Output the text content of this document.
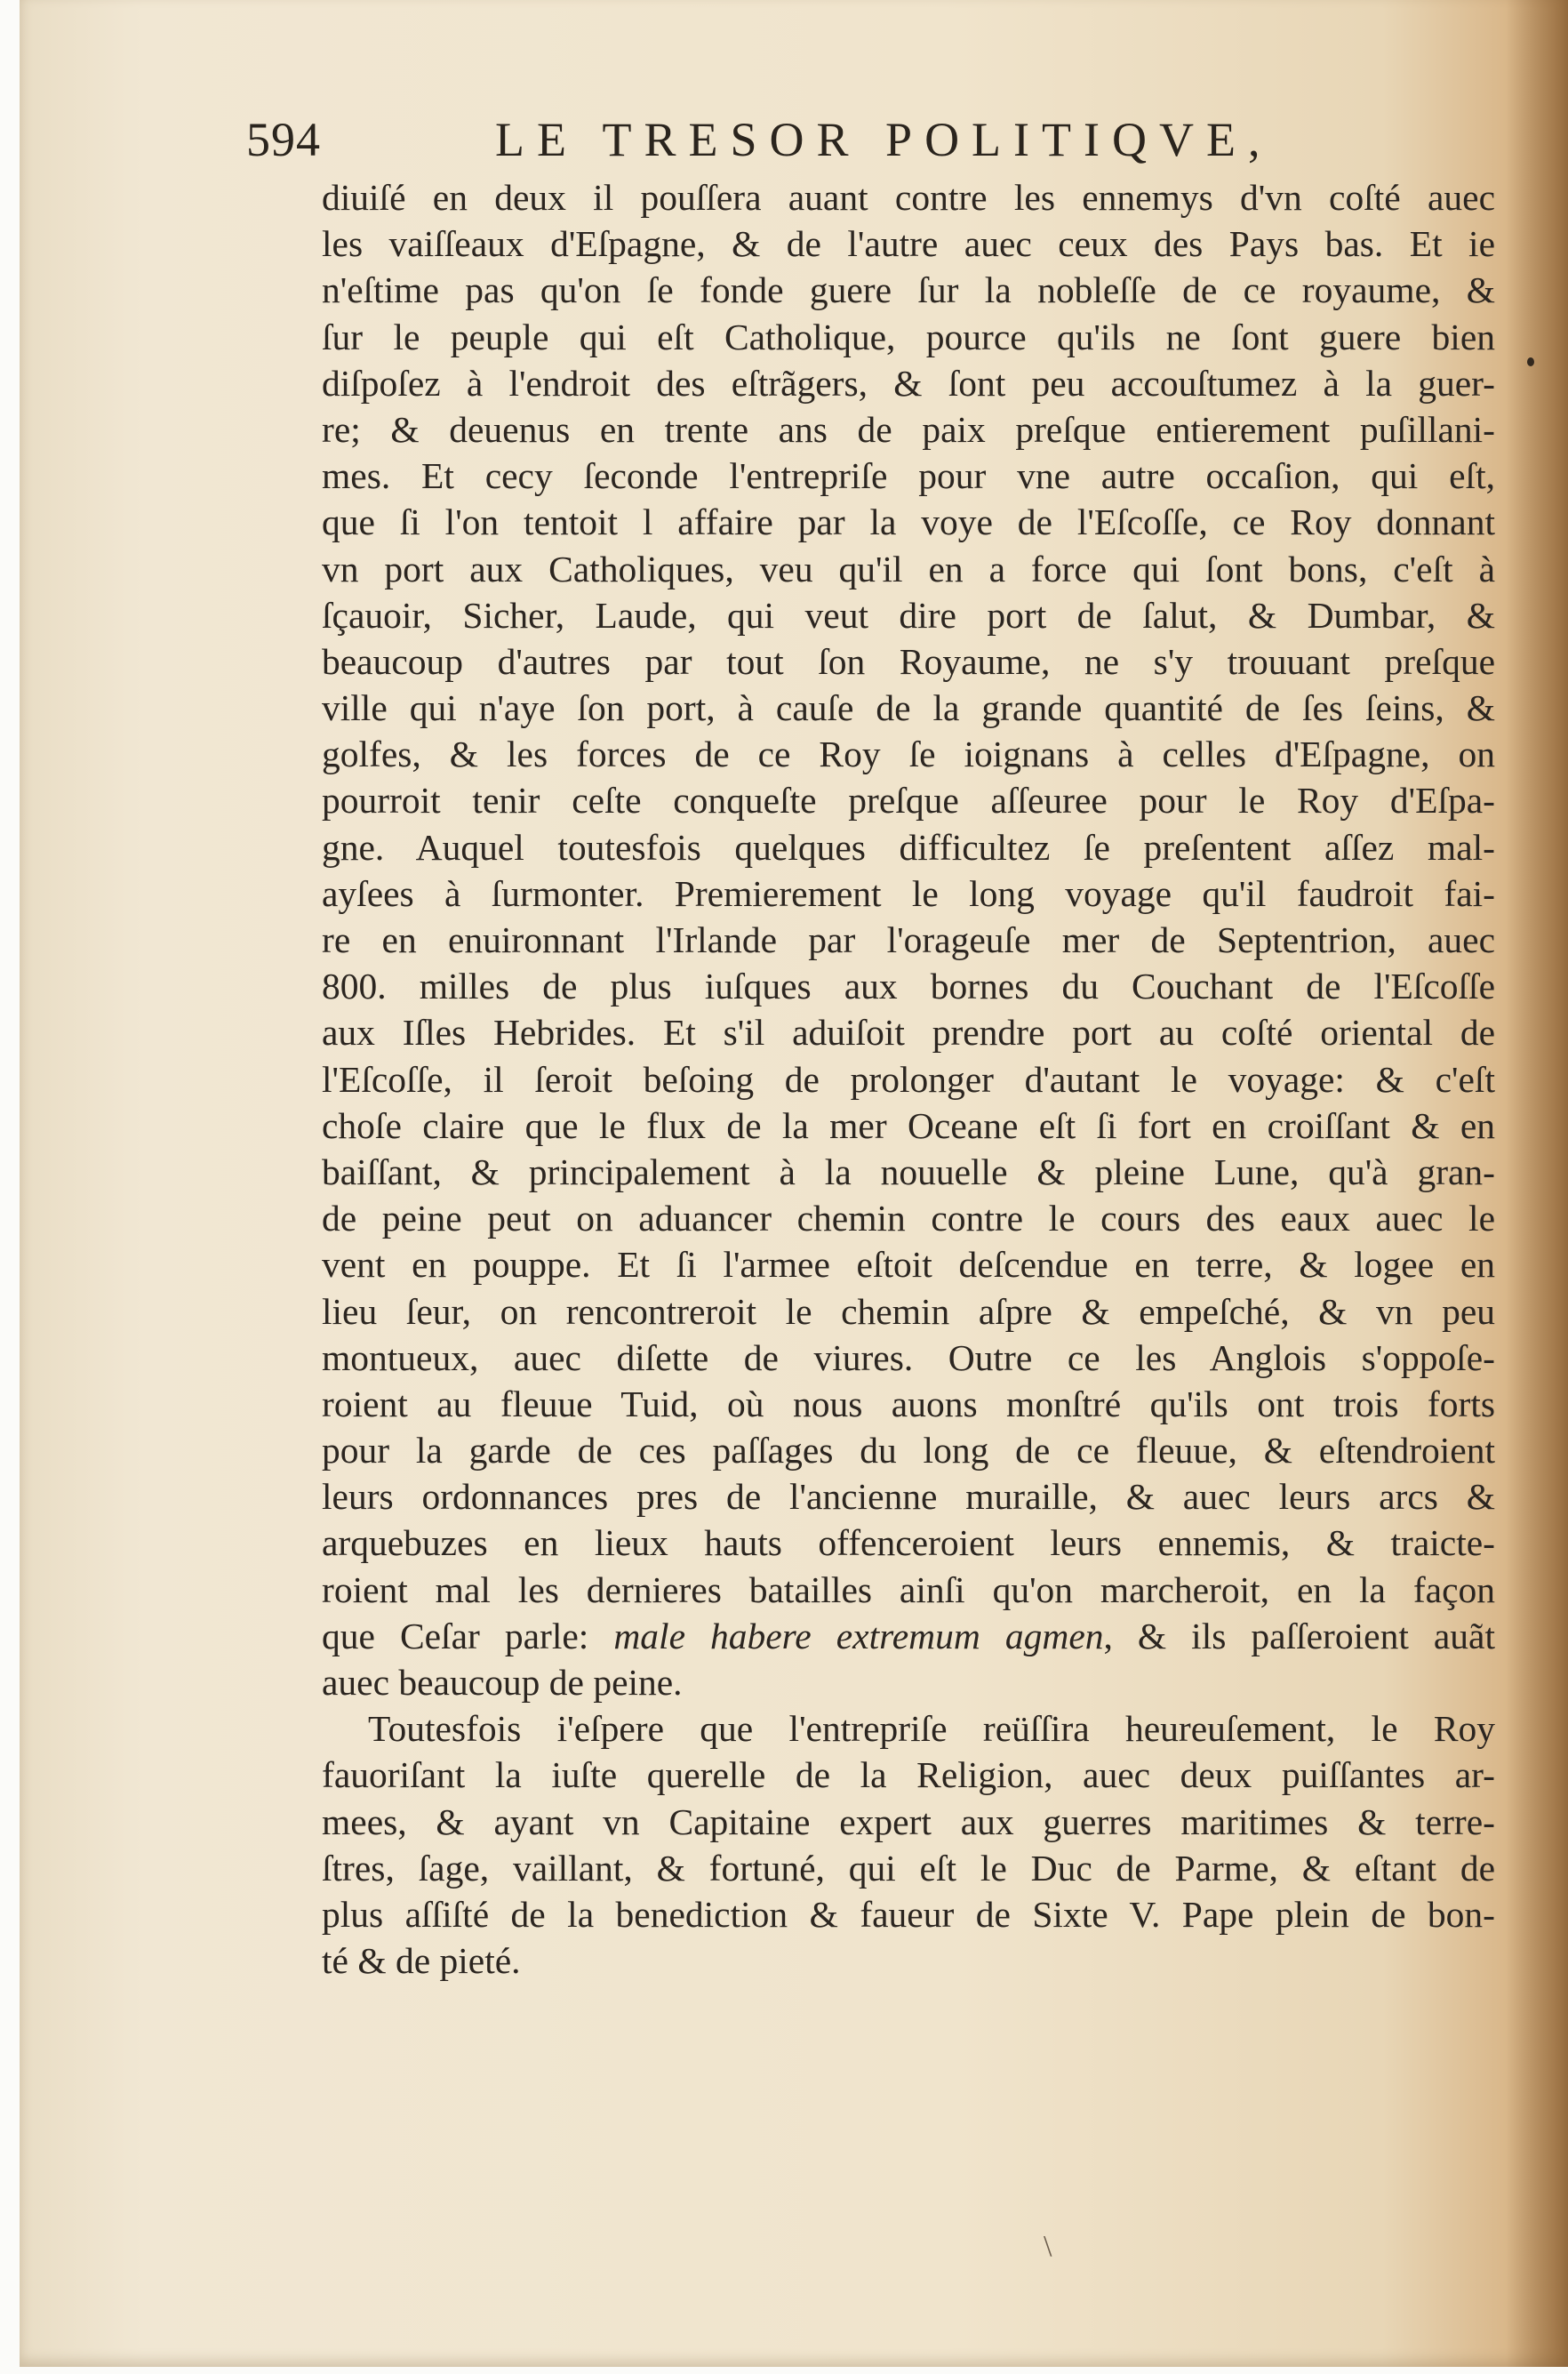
594	LE TRESOR POLITIQVE,
diuiſé en deux il pouſſera auant contre les ennemys d'vn coſté auec
les vaiſſeaux d'Eſpagne, & de l'autre auec ceux des Pays bas. Et ie
n'eſtime pas qu'on ſe fonde guere ſur la nobleſſe de ce royaume, &
ſur le peuple qui eſt Catholique, pource qu'ils ne ſont guere bien
diſpoſez à l'endroit des eſtrãgers, & ſont peu accouſtumez à la guer-
re; & deuenus en trente ans de paix preſque entierement puſillani-
mes. Et cecy ſeconde l'entrepriſe pour vne autre occaſion, qui eſt,
que ſi l'on tentoit l affaire par la voye de l'Eſcoſſe, ce Roy donnant
vn port aux Catholiques, veu qu'il en a force qui ſont bons, c'eſt à
ſçauoir, Sicher, Laude, qui veut dire port de ſalut, & Dumbar, &
beaucoup d'autres par tout ſon Royaume, ne s'y trouuant preſque
ville qui n'aye ſon port, à cauſe de la grande quantité de ſes ſeins, &
golfes, & les forces de ce Roy ſe ioignans à celles d'Eſpagne, on
pourroit tenir ceſte conqueſte preſque aſſeuree pour le Roy d'Eſpa-
gne. Auquel toutesfois quelques difficultez ſe preſentent aſſez mal-
ayſees à ſurmonter. Premierement le long voyage qu'il faudroit fai-
re en enuironnant l'Irlande par l'orageuſe mer de Septentrion, auec
800. milles de plus iuſques aux bornes du Couchant de l'Eſcoſſe
aux Iſles Hebrides. Et s'il aduiſoit prendre port au coſté oriental de
l'Eſcoſſe, il ſeroit beſoing de prolonger d'autant le voyage: & c'eſt
choſe claire que le flux de la mer Oceane eſt ſi fort en croiſſant & en
baiſſant, & principalement à la nouuelle & pleine Lune, qu'à gran-
de peine peut on aduancer chemin contre le cours des eaux auec le
vent en pouppe. Et ſi l'armee eſtoit deſcendue en terre, & logee en
lieu ſeur, on rencontreroit le chemin aſpre & empeſché, & vn peu
montueux, auec diſette de viures. Outre ce les Anglois s'oppoſe-
roient au fleuue Tuid, où nous auons monſtré qu'ils ont trois forts
pour la garde de ces paſſages du long de ce fleuue, & eſtendroient
leurs ordonnances pres de l'ancienne muraille, & auec leurs arcs &
arquebuzes en lieux hauts offenceroient leurs ennemis, & traicte-
roient mal les dernieres batailles ainſi qu'on marcheroit, en la façon
que Ceſar parle: male habere extremum agmen, & ils paſſeroient auãt
auec beaucoup de peine.
Toutesfois i'eſpere que l'entrepriſe reüſſira heureuſement, le Roy
fauoriſant la iuſte querelle de la Religion, auec deux puiſſantes ar-
mees, & ayant vn Capitaine expert aux guerres maritimes & terre-
ſtres, ſage, vaillant, & fortuné, qui eſt le Duc de Parme, & eſtant de
plus aſſiſté de la benediction & faueur de Sixte V. Pape plein de bon-
té & de pieté.
\
